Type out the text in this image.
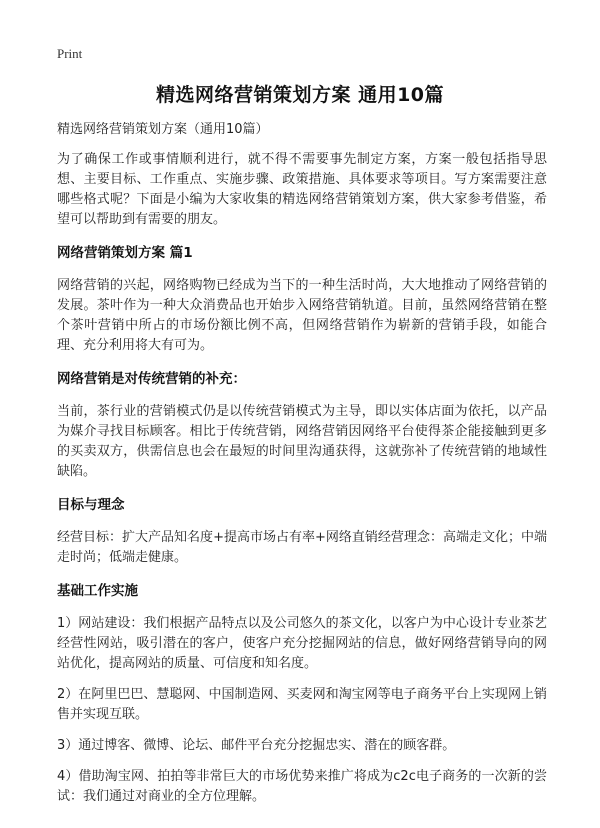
Print
精选网络营销策划方案 通用10篇
精选网络营销策划方案（通用10篇）

为了确保工作或事情顺利进行，就不得不需要事先制定方案，方案一般包括指导思想、主要目标、工作重点、实施步骤、政策措施、具体要求等项目。写方案需要注意哪些格式呢？下面是小编为大家收集的精选网络营销策划方案，供大家参考借鉴，希望可以帮助到有需要的朋友。

网络营销策划方案 篇1

网络营销的兴起，网络购物已经成为当下的一种生活时尚，大大地推动了网络营销的发展。茶叶作为一种大众消费品也开始步入网络营销轨道。目前，虽然网络营销在整个茶叶营销中所占的市场份额比例不高，但网络营销作为崭新的营销手段，如能合理、充分利用将大有可为。

网络营销是对传统营销的补充：

当前，茶行业的营销模式仍是以传统营销模式为主导，即以实体店面为依托，以产品为媒介寻找目标顾客。相比于传统营销，网络营销因网络平台使得茶企能接触到更多的买卖双方，供需信息也会在最短的时间里沟通获得，这就弥补了传统营销的地域性缺陷。

目标与理念

经营目标：扩大产品知名度+提高市场占有率+网络直销经营理念：高端走文化；中端走时尚；低端走健康。

基础工作实施

1）网站建设：我们根据产品特点以及公司悠久的茶文化，以客户为中心设计专业茶艺经营性网站，吸引潜在的客户，使客户充分挖掘网站的信息，做好网络营销导向的网站优化，提高网站的质量、可信度和知名度。

2）在阿里巴巴、慧聪网、中国制造网、买麦网和淘宝网等电子商务平台上实现网上销售并实现互联。

3）通过博客、微博、论坛、邮件平台充分挖掘忠实、潜在的顾客群。

4）借助淘宝网、拍拍等非常巨大的市场优势来推广将成为c2c电子商务的一次新的尝试：我们通过对商业的全方位理解。
